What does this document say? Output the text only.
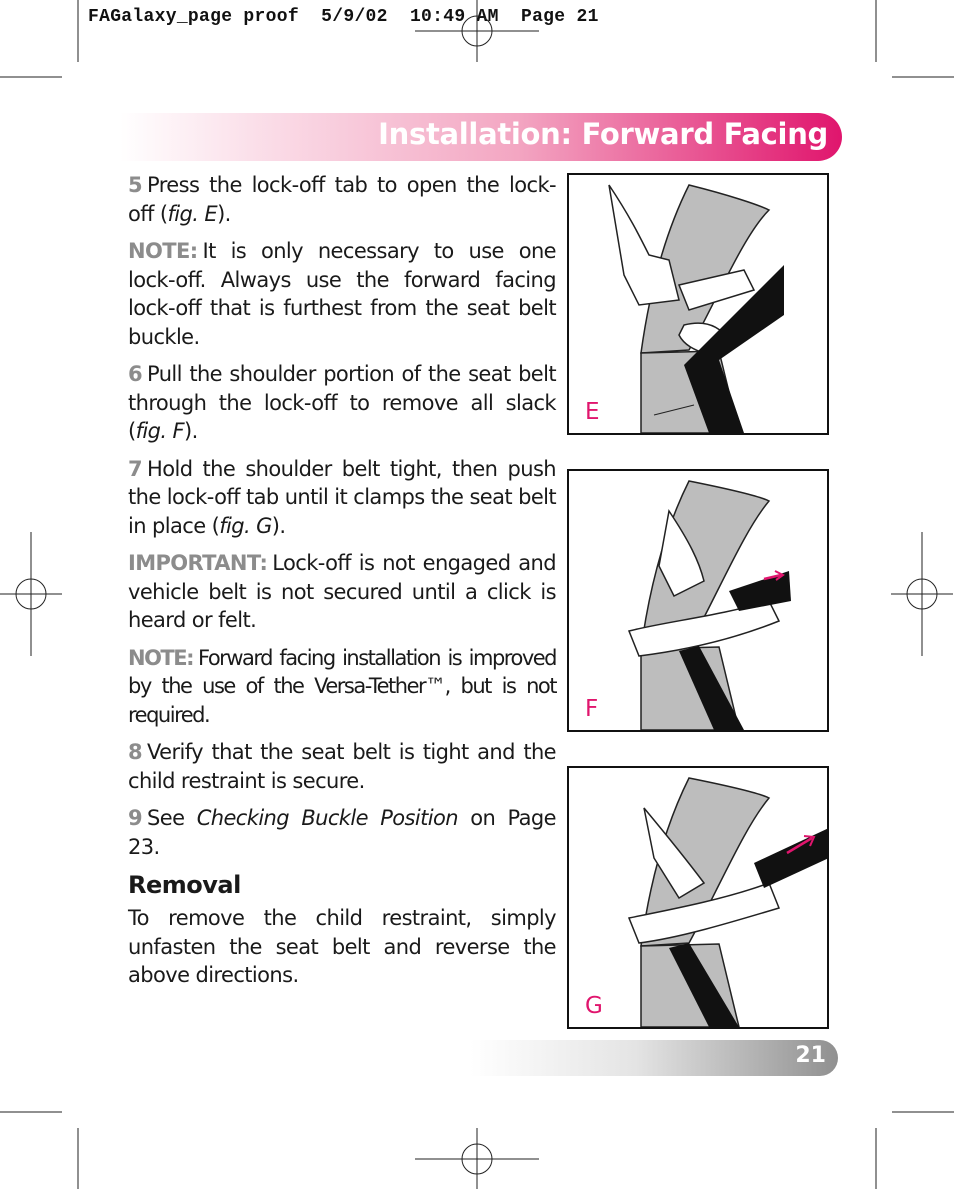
FAGalaxy_page proof  5/9/02  10:49 AM  Page 21
Installation: Forward Facing

5 Press the lock-off tab to open the lock-off (fig. E).

NOTE: It is only necessary to use one lock-off. Always use the forward facing lock-off that is furthest from the seat belt buckle.

6 Pull the shoulder portion of the seat belt through the lock-off to remove all slack (fig. F).

7 Hold the shoulder belt tight, then push the lock-off tab until it clamps the seat belt in place (fig. G).

IMPORTANT: Lock-off is not engaged and vehicle belt is not secured until a click is heard or felt.

NOTE: Forward facing installation is improved by the use of the Versa-Tether™, but is not required.

8 Verify that the seat belt is tight and the child restraint is secure.

9 See Checking Buckle Position on Page 23.

Removal

To remove the child restraint, simply unfasten the seat belt and reverse the above directions.

E
F
G
21
